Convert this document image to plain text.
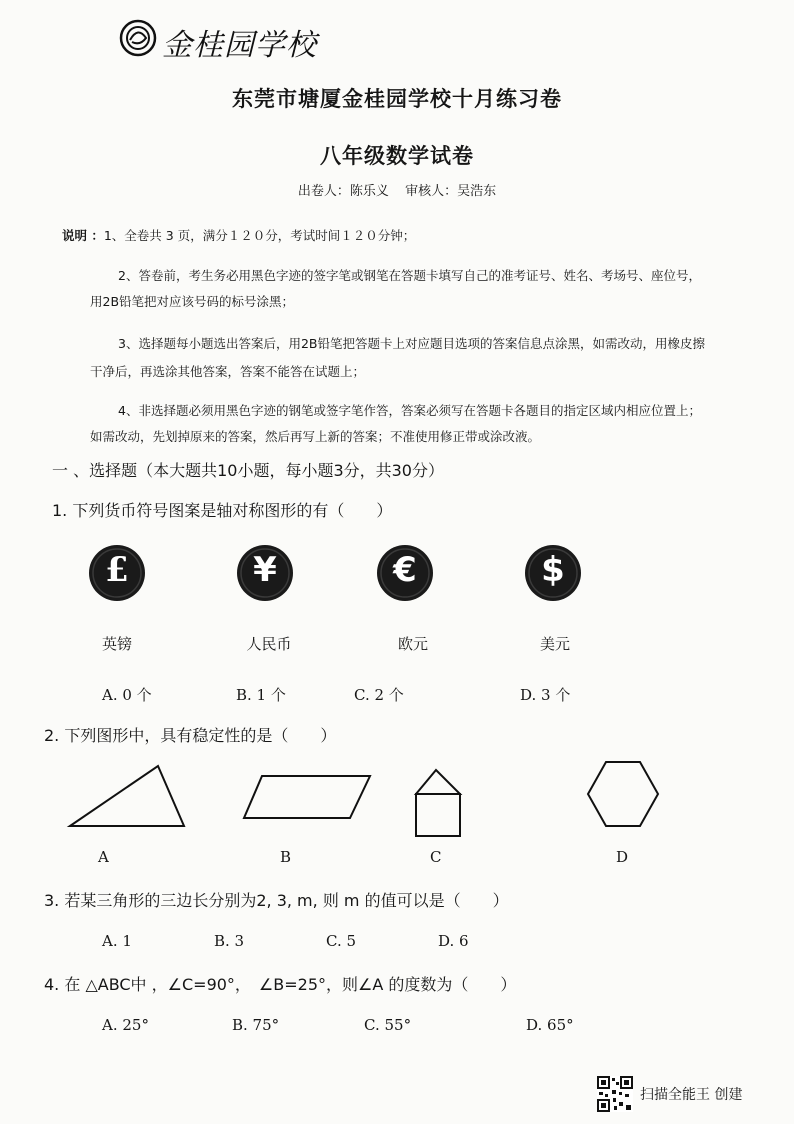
金桂园学校
东莞市塘厦金桂园学校十月练习卷
八年级数学试卷
出卷人：陈乐义 审核人：吴浩东
说明 ：1、全卷共 3 页，满分１２０分，考试时间１２０分钟；
2、答卷前，考生务必用黑色字迹的签字笔或钢笔在答题卡填写自己的准考证号、姓名、考场号、座位号，
用2B铅笔把对应该号码的标号涂黑；
3、选择题每小题选出答案后，用2B铅笔把答题卡上对应题目选项的答案信息点涂黑，如需改动，用橡皮擦
干净后，再选涂其他答案，答案不能答在试题上；
4、非选择题必须用黑色字迹的钢笔或签字笔作答，答案必须写在答题卡各题目的指定区域内相应位置上；
如需改动，先划掉原来的答案，然后再写上新的答案；不准使用修正带或涂改液。
一 、选择题（本大题共10小题，每小题3分，共30分）
1. 下列货币符号图案是轴对称图形的有（　　）
£	¥	€	$
英镑	人民币	欧元	美元
A. 0 个	B. 1 个	C. 2 个	D. 3 个
2. 下列图形中，具有稳定性的是（　　）
A	B	C	D
3. 若某三角形的三边长分别为2, 3, m, 则 m 的值可以是（　　）
A. 1	B. 3	C. 5	D. 6
4. 在 △ABC中 ，∠C=90°，　∠B=25°，则∠A 的度数为（　　）
A. 25°	B. 75°	C. 55°	D. 65°
扫描全能王 创建
